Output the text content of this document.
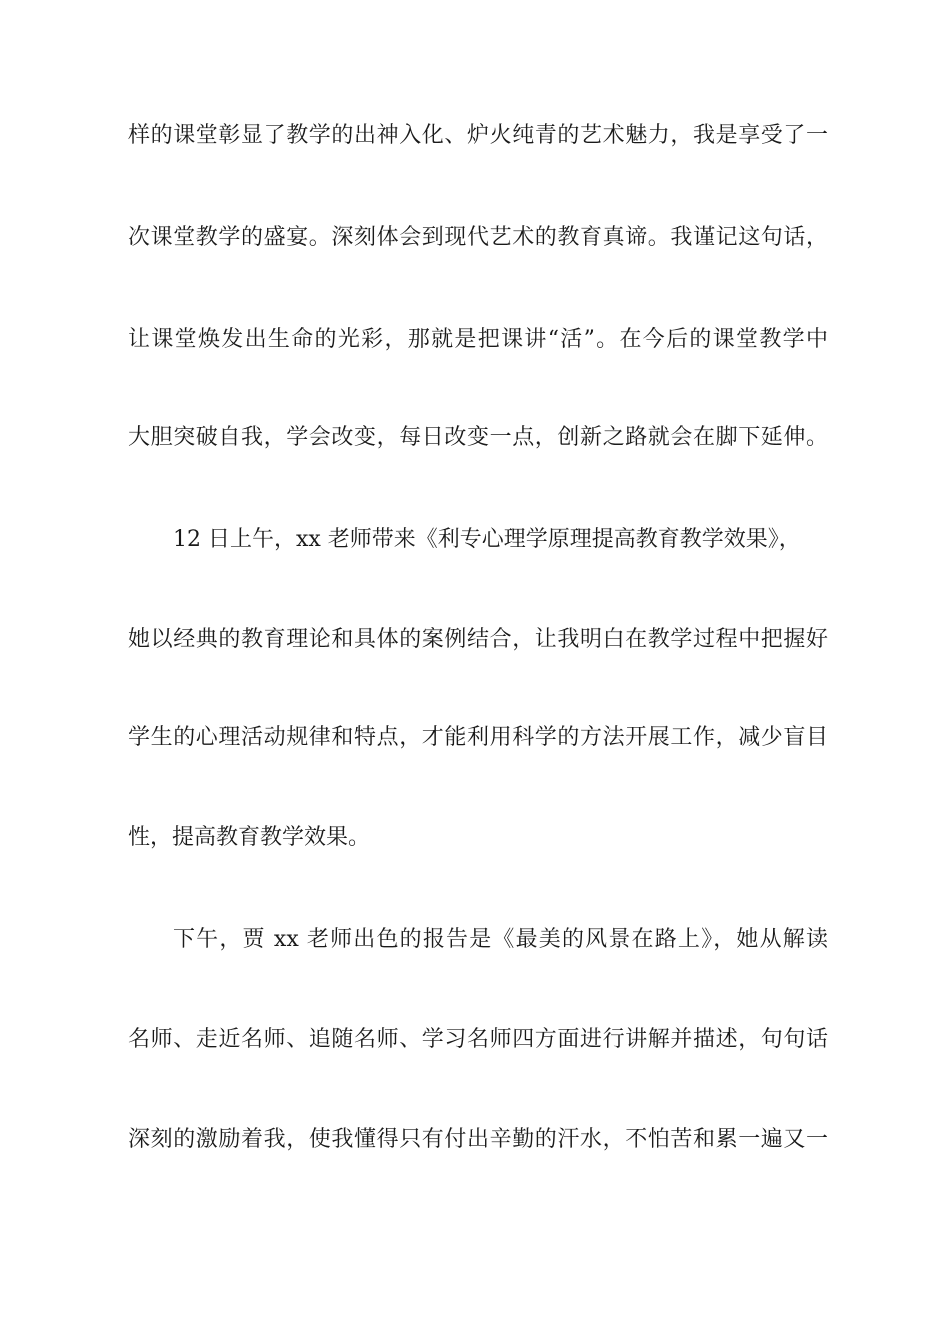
样的课堂彰显了教学的出神入化、炉火纯青的艺术魅力，我是享受了一
次课堂教学的盛宴。深刻体会到现代艺术的教育真谛。我谨记这句话，
让课堂焕发出生命的光彩，那就是把课讲“活”。在今后的课堂教学中
大胆突破自我，学会改变，每日改变一点，创新之路就会在脚下延伸。
12 日上午，xx 老师带来《利专心理学原理提高教育教学效果》，
她以经典的教育理论和具体的案例结合，让我明白在教学过程中把握好
学生的心理活动规律和特点，才能利用科学的方法开展工作，减少盲目
性，提高教育教学效果。
下午，贾 xx 老师出色的报告是《最美的风景在路上》，她从解读
名师、走近名师、追随名师、学习名师四方面进行讲解并描述，句句话
深刻的激励着我，使我懂得只有付出辛勤的汗水，不怕苦和累一遍又一
